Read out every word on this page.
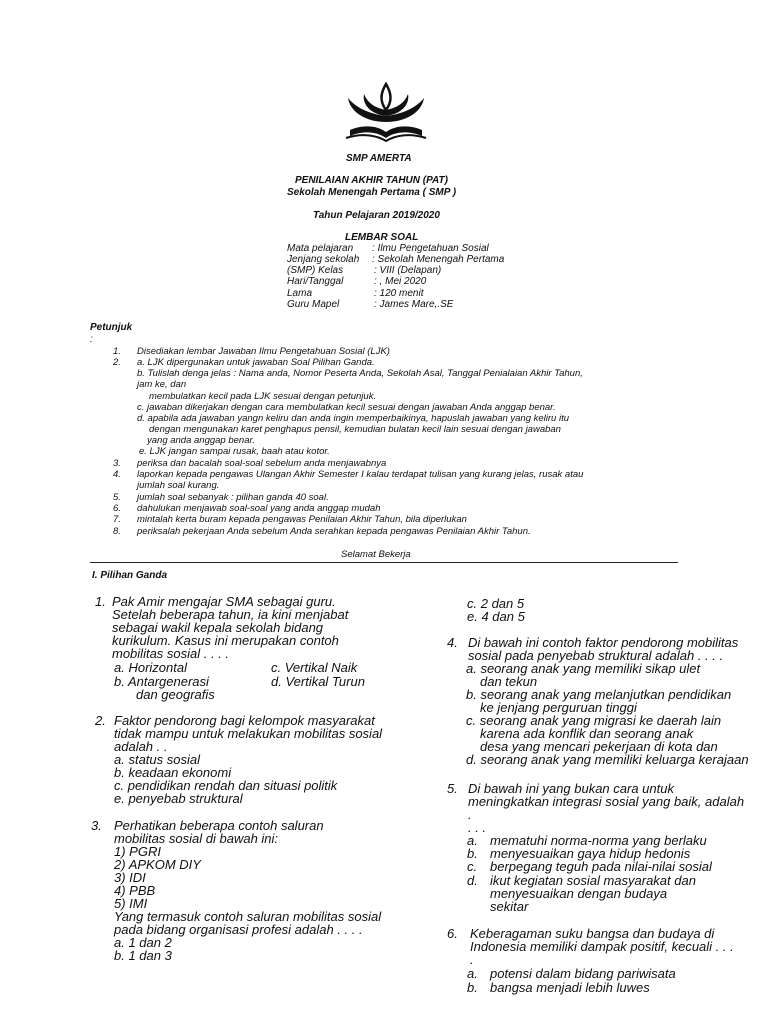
SMP AMERTA
PENILAIAN AKHIR TAHUN (PAT)
Sekolah Menengah Pertama ( SMP )
Tahun Pelajaran 2019/2020
LEMBAR SOAL
Mata pelajaran : Ilmu Pengetahuan Sosial
Jenjang sekolah : Sekolah Menengah Pertama
(SMP) Kelas	: VIII (Delapan)
Hari/Tanggal	: , Mei 2020
Lama	: 120 menit
Guru Mapel	: James Mare,.SE
Petunjuk
:
1. Disediakan lembar Jawaban Ilmu Pengetahuan Sosial (LJK)
2. a. LJK dipergunakan untuk jawaban Soal Pilihan Ganda.
b. Tulislah denga jelas : Nama anda, Nomor Peserta Anda, Sekolah Asal, Tanggal Penialaian Akhir Tahun,
jam ke, dan
membulatkan kecil pada LJK sesuai dengan petunjuk.
c. jawaban dikerjakan dengan cara membulatkan kecil sesuai dengan jawaban Anda anggap benar.
d. apabila ada jawaban yangn keliru dan anda ingin memperbaikinya, hapuslah jawaban yang keliru itu
dengan mengunakan karet penghapus pensil, kemudian bulatan kecil lain sesuai dengan jawaban
yang anda anggap benar.
e. LJK jangan sampai rusak, baah atau kotor.
3. periksa dan bacalah soal-soal sebelum anda menjawabnya
4. laporkan kepada pengawas Ulangan Akhir Semester I kalau terdapat tulisan yang kurang jelas, rusak atau
jumlah soal kurang.
5. jumlah soal sebanyak : pilihan ganda 40 soal.
6. dahulukan menjawab soal-soal yang anda anggap mudah
7. mintalah kerta buram kepada pengawas Penilaian Akhir Tahun, bila diperlukan
8. periksalah pekerjaan Anda sebelum Anda serahkan kepada pengawas Penilaian Akhir Tahun.
Selamat Bekerja
I. Pilihan Ganda
1. Pak Amir mengajar SMA sebagai guru.
Setelah beberapa tahun, ia kini menjabat
sebagai wakil kepala sekolah bidang
kurikulum. Kasus ini merupakan contoh
mobilitas sosial . . . .
a. Horizontal	c. Vertikal Naik
b. Antargenerasi	d. Vertikal Turun
dan geografis
2. Faktor pendorong bagi kelompok masyarakat
tidak mampu untuk melakukan mobilitas sosial
adalah . .
a. status sosial
b. keadaan ekonomi
c. pendidikan rendah dan situasi politik
e. penyebab struktural
3. Perhatikan beberapa contoh saluran
mobilitas sosial di bawah ini:
1) PGRI
2) APKOM DIY
3) IDI
4) PBB
5) IMI
Yang termasuk contoh saluran mobilitas sosial
pada bidang organisasi profesi adalah . . . .
a. 1 dan 2
b. 1 dan 3
c. 2 dan 5
e. 4 dan 5
4. Di bawah ini contoh faktor pendorong mobilitas
sosial pada penyebab struktural adalah . . . .
a. seorang anak yang memiliki sikap ulet
dan tekun
b. seorang anak yang melanjutkan pendidikan
ke jenjang perguruan tinggi
c. seorang anak yang migrasi ke daerah lain
karena ada konflik dan seorang anak
desa yang mencari pekerjaan di kota dan
d. seorang anak yang memiliki keluarga kerajaan
5. Di bawah ini yang bukan cara untuk
meningkatkan integrasi sosial yang baik, adalah
.
. . .
a. mematuhi norma-norma yang berlaku
b. menyesuaikan gaya hidup hedonis
c. berpegang teguh pada nilai-nilai sosial
d. ikut kegiatan sosial masyarakat dan
menyesuaikan dengan budaya
sekitar
6. Keberagaman suku bangsa dan budaya di
Indonesia memiliki dampak positif, kecuali . . .
.
a. potensi dalam bidang pariwisata
b. bangsa menjadi lebih luwes
